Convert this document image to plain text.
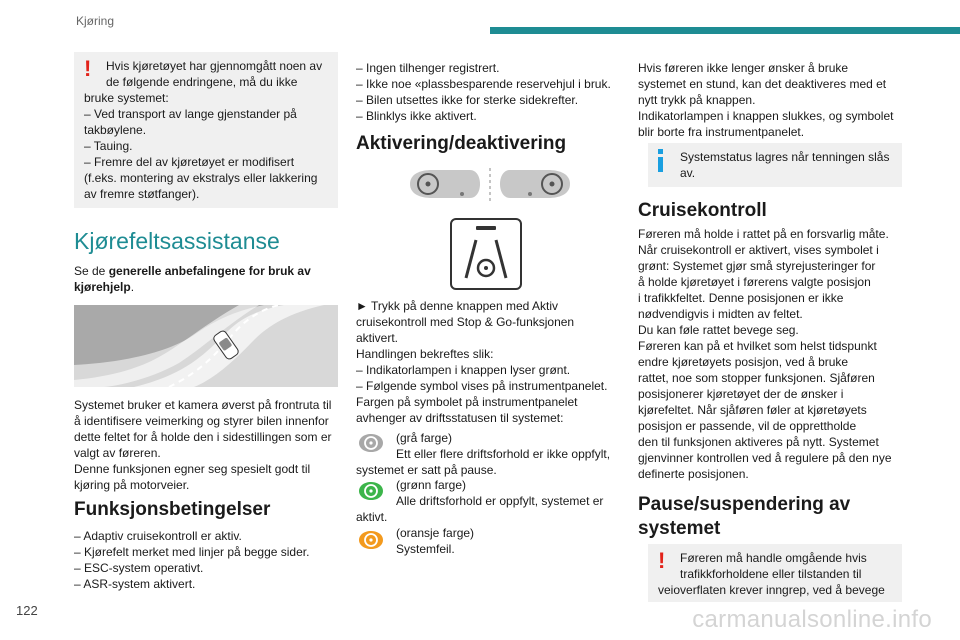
Kjøring
122	carmanualsonline.info
!	Hvis kjøretøyet har gjennomgått noen av

de følgende endringene, må du ikke

bruke systemet:

– Ved transport av lange gjenstander på

takbøylene.

– Tauing.

– Fremre del av kjøretøyet er modifisert

(f.eks. montering av ekstralys eller lakkering

av fremre støtfanger).

Kjørefeltsassistanse

Se de generelle anbefalingene for bruk av

kjørehjelp.

Systemet bruker et kamera øverst på frontruta til

å identifisere veimerking og styrer bilen innenfor

dette feltet for å holde den i sidestillingen som er

valgt av føreren.

Denne funksjonen egner seg spesielt godt til

kjøring på motorveier.

Funksjonsbetingelser

– Adaptiv cruisekontroll er aktiv.

– Kjørefelt merket med linjer på begge sider.

– ESC-system operativt.

– ASR-system aktivert.

– Ingen tilhenger registrert.

– Ikke noe «plassbesparende reservehjul i bruk.

– Bilen utsettes ikke for sterke sidekrefter.

– Blinklys ikke aktivert.

Aktivering/deaktivering

► Trykk på denne knappen med Aktiv

cruisekontroll med Stop & Go-funksjonen

aktivert.

Handlingen bekreftes slik:

– Indikatorlampen i knappen lyser grønt.

– Følgende symbol vises på instrumentpanelet.

Fargen på symbolet på instrumentpanelet

avhenger av driftsstatusen til systemet:

(grå farge)

Ett eller flere driftsforhold er ikke oppfylt,

systemet er satt på pause.

(grønn farge)

Alle driftsforhold er oppfylt, systemet er

aktivt.

(oransje farge)

Systemfeil.

Hvis føreren ikke lenger ønsker å bruke

systemet en stund, kan det deaktiveres med et

nytt trykk på knappen.

Indikatorlampen i knappen slukkes, og symbolet

blir borte fra instrumentpanelet.

Systemstatus lagres når tenningen slås

av.

Cruisekontroll

Føreren må holde i rattet på en forsvarlig måte.

Når cruisekontroll er aktivert, vises symbolet i

grønt: Systemet gjør små styrejusteringer for

å holde kjøretøyet i førerens valgte posisjon

i trafikkfeltet. Denne posisjonen er ikke

nødvendigvis i midten av feltet.

Du kan føle rattet bevege seg.

Føreren kan på et hvilket som helst tidspunkt

endre kjøretøyets posisjon, ved å bruke

rattet, noe som stopper funksjonen. Sjåføren

posisjonerer kjøretøyet der de ønsker i

kjørefeltet. Når sjåføren føler at kjøretøyets

posisjon er passende, vil de opprettholde

den til funksjonen aktiveres på nytt. Systemet

gjenvinner kontrollen ved å regulere på den nye

definerte posisjonen.

Pause/suspendering av
systemet
!	Føreren må handle omgående hvis

trafikkforholdene eller tilstanden til

veioverflaten krever inngrep, ved å bevege
